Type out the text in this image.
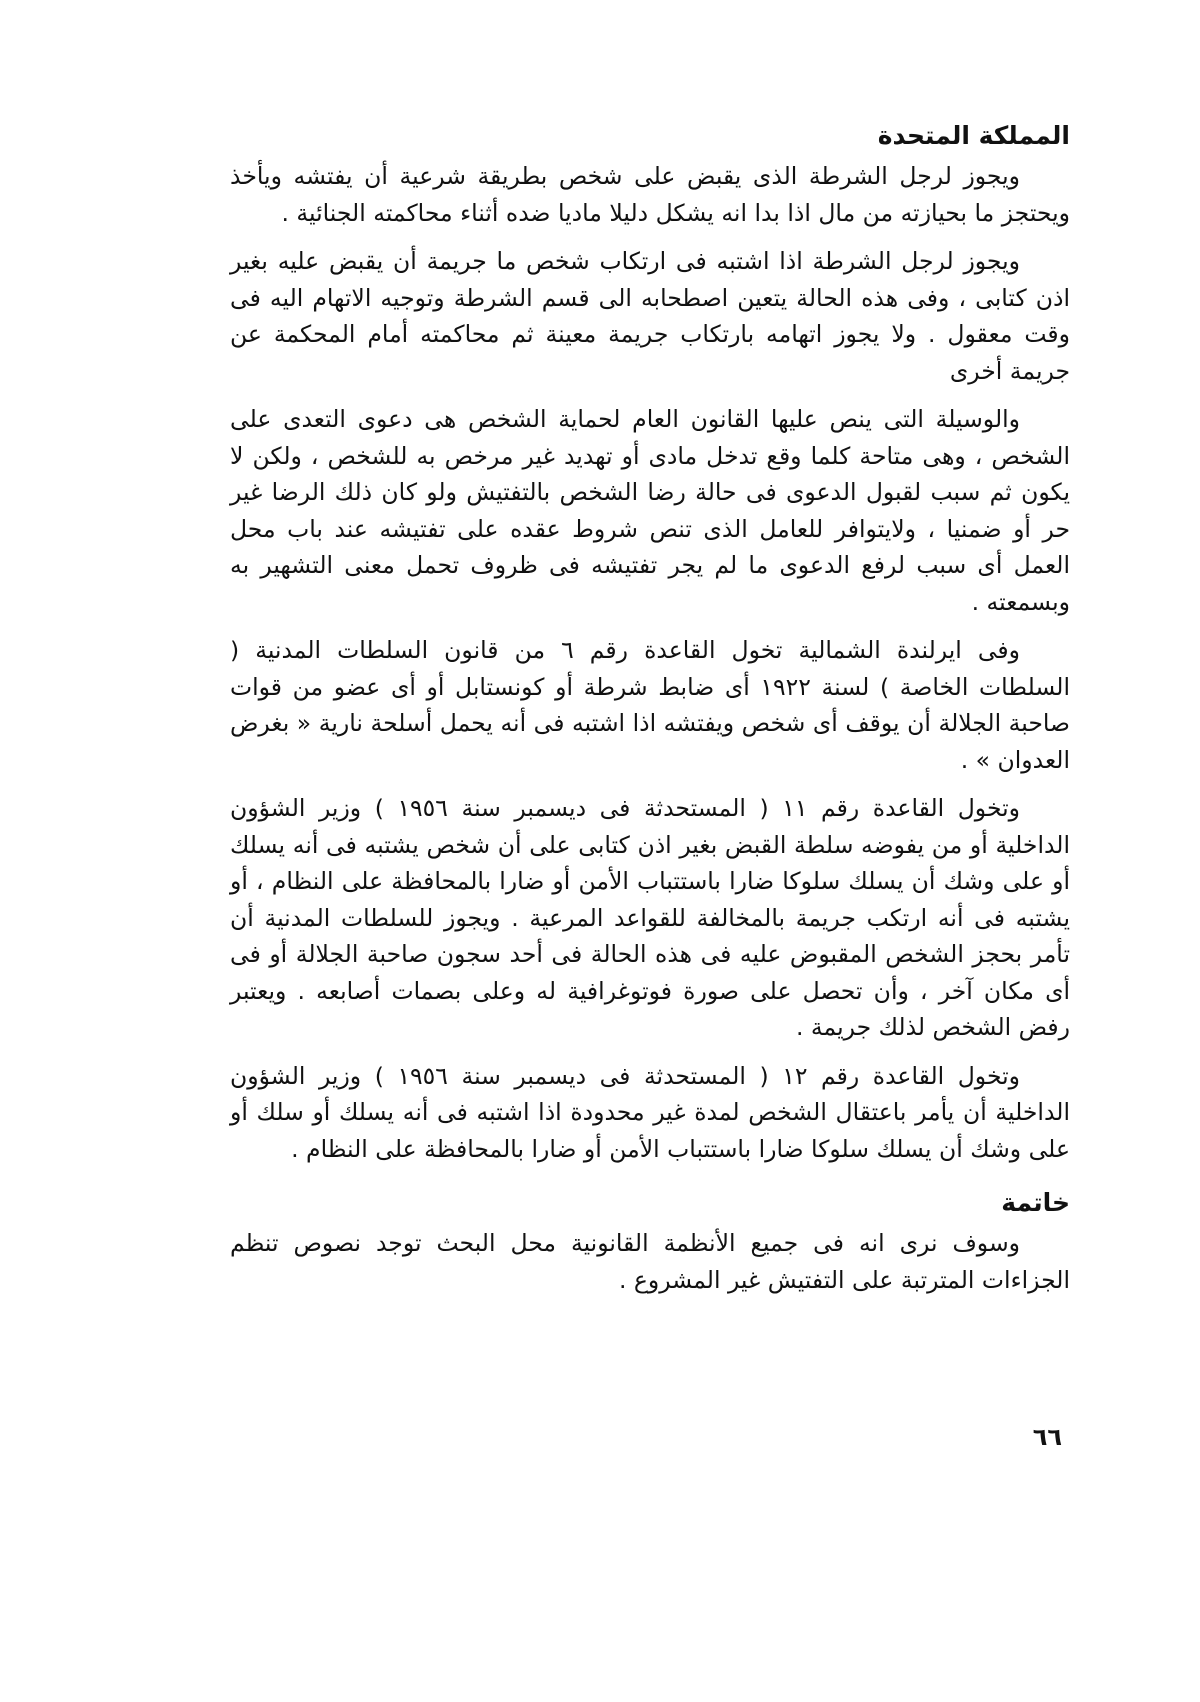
المملكة المتحدة

ويجوز لرجل الشرطة الذى يقبض على شخص بطريقة شرعية أن يفتشه ويأخذ ويحتجز ما بحيازته من مال اذا بدا انه يشكل دليلا ماديا ضده أثناء محاكمته الجنائية .

ويجوز لرجل الشرطة اذا اشتبه فى ارتكاب شخص ما جريمة أن يقبض عليه بغير اذن كتابى ، وفى هذه الحالة يتعين اصطحابه الى قسم الشرطة وتوجيه الاتهام اليه فى وقت معقول . ولا يجوز اتهامه بارتكاب جريمة معينة ثم محاكمته أمام المحكمة عن جريمة أخرى

والوسيلة التى ينص عليها القانون العام لحماية الشخص هى دعوى التعدى على الشخص ، وهى متاحة كلما وقع تدخل مادى أو تهديد غير مرخص به للشخص ، ولكن لا يكون ثم سبب لقبول الدعوى فى حالة رضا الشخص بالتفتيش ولو كان ذلك الرضا غير حر أو ضمنيا ، ولايتوافر للعامل الذى تنص شروط عقده على تفتيشه عند باب محل العمل أى سبب لرفع الدعوى ما لم يجر تفتيشه فى ظروف تحمل معنى التشهير به وبسمعته .

وفى ايرلندة الشمالية تخول القاعدة رقم ٦ من قانون السلطات المدنية ( السلطات الخاصة ) لسنة ١٩٢٢ أى ضابط شرطة أو كونستابل أو أى عضو من قوات صاحبة الجلالة أن يوقف أى شخص ويفتشه اذا اشتبه فى أنه يحمل أسلحة نارية « بغرض العدوان » .

وتخول القاعدة رقم ١١ ( المستحدثة فى ديسمبر سنة ١٩٥٦ ) وزير الشؤون الداخلية أو من يفوضه سلطة القبض بغير اذن كتابى على أن شخص يشتبه فى أنه يسلك أو على وشك أن يسلك سلوكا ضارا باستتباب الأمن أو ضارا بالمحافظة على النظام ، أو يشتبه فى أنه ارتكب جريمة بالمخالفة للقواعد المرعية . ويجوز للسلطات المدنية أن تأمر بحجز الشخص المقبوض عليه فى هذه الحالة فى أحد سجون صاحبة الجلالة أو فى أى مكان آخر ، وأن تحصل على صورة فوتوغرافية له وعلى بصمات أصابعه . ويعتبر رفض الشخص لذلك جريمة .

وتخول القاعدة رقم ١٢ ( المستحدثة فى ديسمبر سنة ١٩٥٦ ) وزير الشؤون الداخلية أن يأمر باعتقال الشخص لمدة غير محدودة اذا اشتبه فى أنه يسلك أو سلك أو على وشك أن يسلك سلوكا ضارا باستتباب الأمن أو ضارا بالمحافظة على النظام .

خاتمة

وسوف نرى انه فى جميع الأنظمة القانونية محل البحث توجد نصوص تنظم الجزاءات المترتبة على التفتيش غير المشروع .

٦٦
